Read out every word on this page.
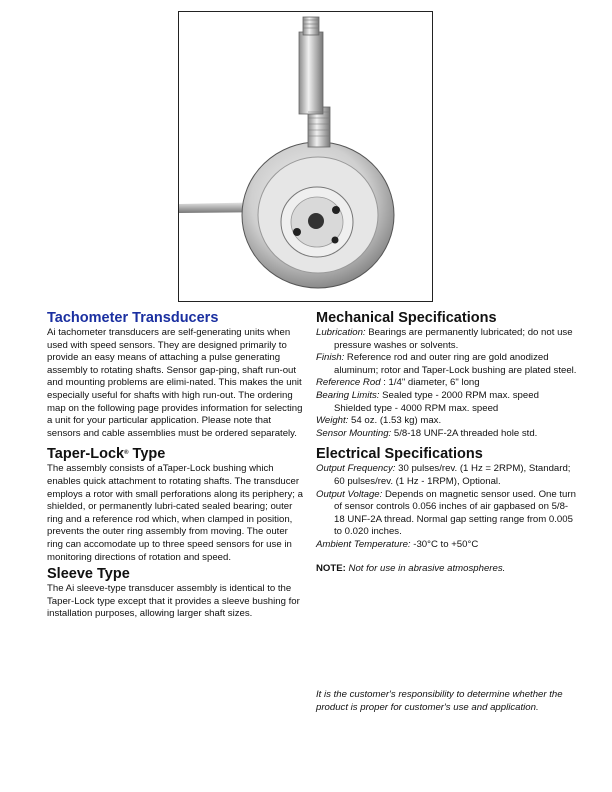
Tachometer Transducers

Ai tachometer transducers are self-generating units when used with speed sensors. They are designed primarily to provide an easy means of attaching a pulse generating assembly to rotating shafts. Sensor gap-ping, shaft run-out and mounting problems are elimi-nated. This makes the unit especially useful for shafts with high run-out. The ordering map on the following page provides information for selecting a unit for your particular application. Please note that sensors and cable assemblies must be ordered separately.

Taper-Lock® Type

The assembly consists of aTaper-Lock bushing which enables quick attachment to rotating shafts. The transducer employs a rotor with small perforations along its periphery; a shielded, or permanently lubri-cated sealed bearing; outer ring and a reference rod which, when clamped in position, prevents the outer ring assembly from moving. The outer ring can accomodate up to three speed sensors for use in monitoring directions of rotation and speed.

Sleeve Type

The Ai sleeve-type transducer assembly is identical to the Taper-Lock type except that it provides a sleeve bushing for installation purposes, allowing larger shaft sizes.

Mechanical Specifications

Lubrication: Bearings are permanently lubricated; do not use pressure washes or solvents.

Finish: Reference rod and outer ring are gold anodized aluminum; rotor and Taper-Lock bushing are plated steel.

Reference Rod : 1/4" diameter, 6" long

Bearing Limits: Sealed type - 2000 RPM max. speed Shielded type - 4000 RPM max. speed

Weight: 54 oz. (1.53 kg) max.

Sensor Mounting: 5/8-18 UNF-2A threaded hole std.

Electrical Specifications

Output Frequency: 30 pulses/rev. (1 Hz = 2RPM), Standard; 60 pulses/rev. (1 Hz - 1RPM), Optional.

Output Voltage: Depends on magnetic sensor used. One turn of sensor controls 0.056 inches of air gapbased on 5/8-18 UNF-2A thread. Normal gap setting range from 0.005 to 0.020 inches.

Ambient Temperature: -30°C to +50°C

NOTE: Not for use in abrasive atmospheres.

It is the customer's responsibility to determine whether the product is proper for customer's use and application.
